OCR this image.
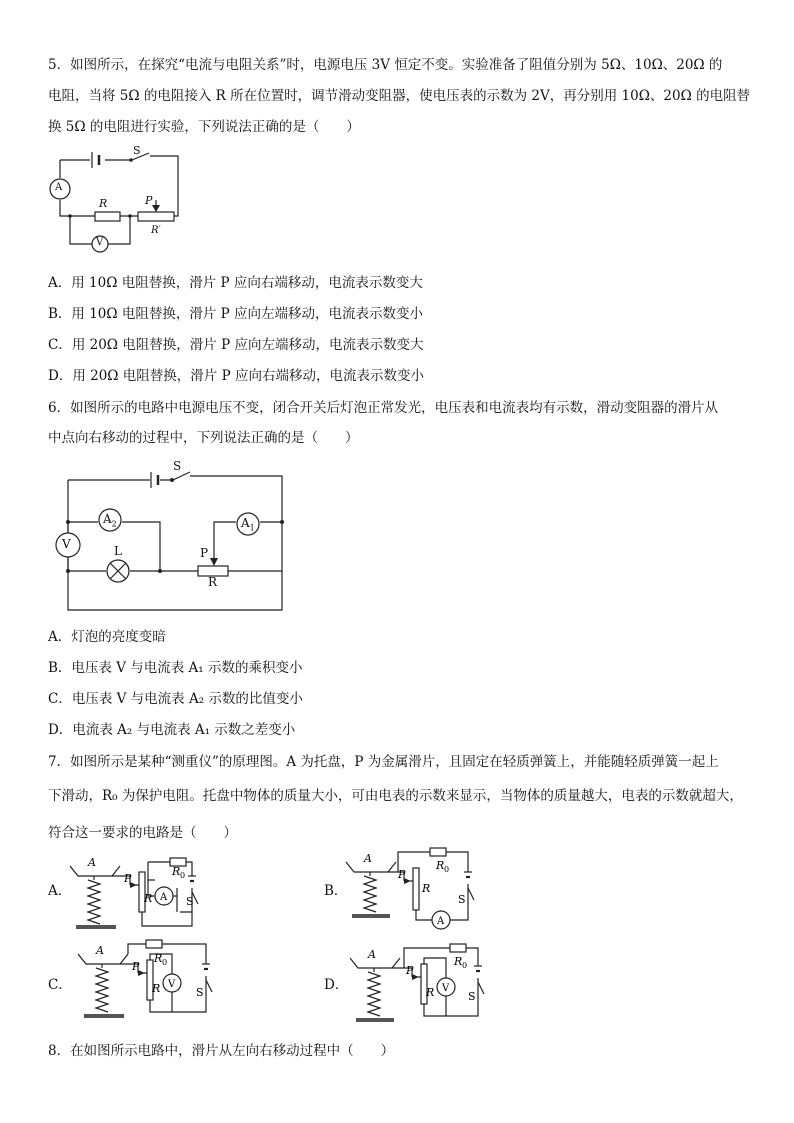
5．如图所示，在探究“电流与电阻关系”时，电源电压 3V 恒定不变。实验准备了阻值分别为 5Ω、10Ω、20Ω 的
电阻，当将 5Ω 的电阻接入 R 所在位置时，调节滑动变阻器，使电压表的示数为 2V，再分别用 10Ω、20Ω 的电阻替
换 5Ω 的电阻进行实验，下列说法正确的是（　　）
S
A
R	P
R′
V
A．用 10Ω 电阻替换，滑片 P 应向右端移动，电流表示数变大
B．用 10Ω 电阻替换，滑片 P 应向左端移动，电流表示数变小
C．用 20Ω 电阻替换，滑片 P 应向左端移动，电流表示数变大
D．用 20Ω 电阻替换，滑片 P 应向右端移动，电流表示数变小
6．如图所示的电路中电源电压不变，闭合开关后灯泡正常发光，电压表和电流表均有示数，滑动变阻器的滑片从
中点向右移动的过程中，下列说法正确的是（　　）
S
V
$A_2$	$A_1$
L	P
R
A．灯泡的亮度变暗
B．电压表 V 与电流表 A₁ 示数的乘积变小
C．电压表 V 与电流表 A₂ 示数的比值变小
D．电流表 A₂ 与电流表 A₁ 示数之差变小
7．如图所示是某种“测重仪”的原理图。A 为托盘，P 为金属滑片，且固定在轻质弹簧上，并能随轻质弹簧一起上
下滑动，R₀ 为保护电阻。托盘中物体的质量大小，可由电表的示数来显示，当物体的质量越大，电表的示数就超大，
符合这一要求的电路是（　　）
A．	B．
C．	D．
A
P
R
R 0
A S
A
P
R
R 0
A
S
A
P
R
R 0
V
S
A
P
R
R 0
V
S
8．在如图所示电路中，滑片从左向右移动过程中（　　）
